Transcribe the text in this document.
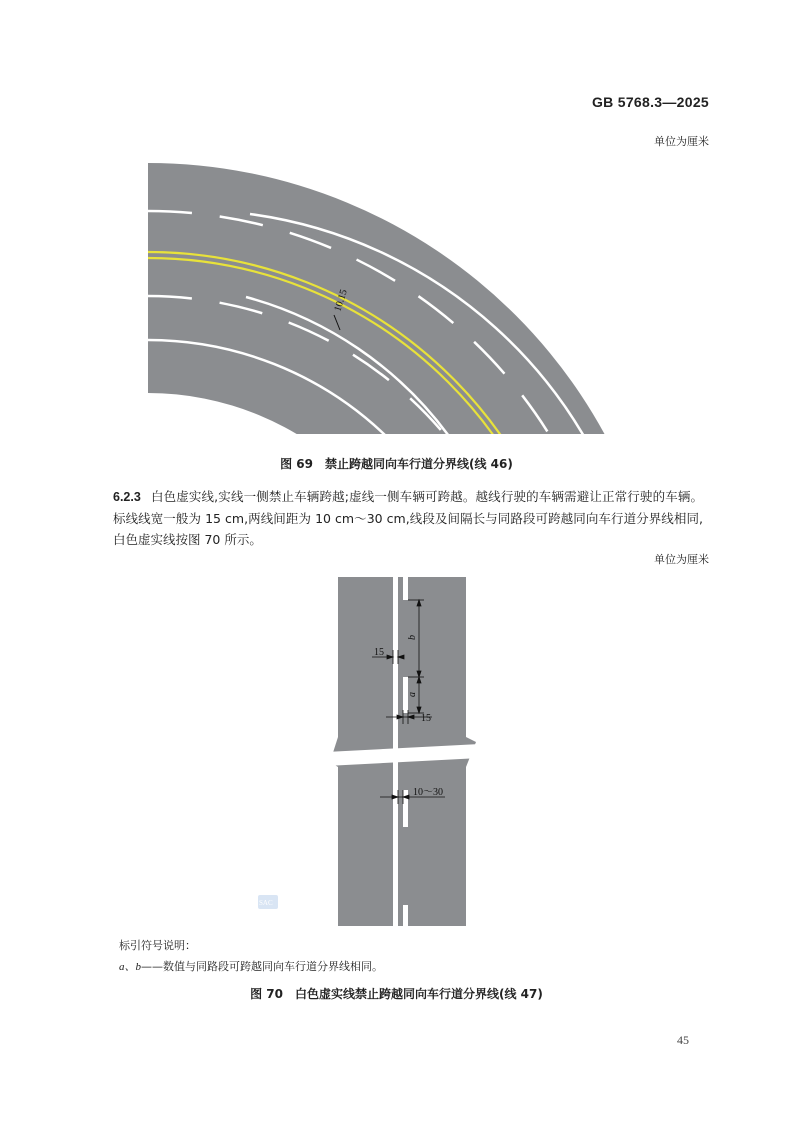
GB 5768.3—2025
单位为厘米
10.15
图 69　禁止跨越同向车行道分界线(线 46)
6.2.3 白色虚实线,实线一侧禁止车辆跨越;虚线一侧车辆可跨越。越线行驶的车辆需避让正常行驶的车辆。标线线宽一般为 15 cm,两线间距为 10 cm～30 cm,线段及间隔长与同路段可跨越同向车行道分界线相同,白色虚实线按图 70 所示。
单位为厘米
b
a
15
15
10～30
SAC
标引符号说明：
a、b——数值与同路段可跨越同向车行道分界线相同。
图 70　白色虚实线禁止跨越同向车行道分界线(线 47)
45
